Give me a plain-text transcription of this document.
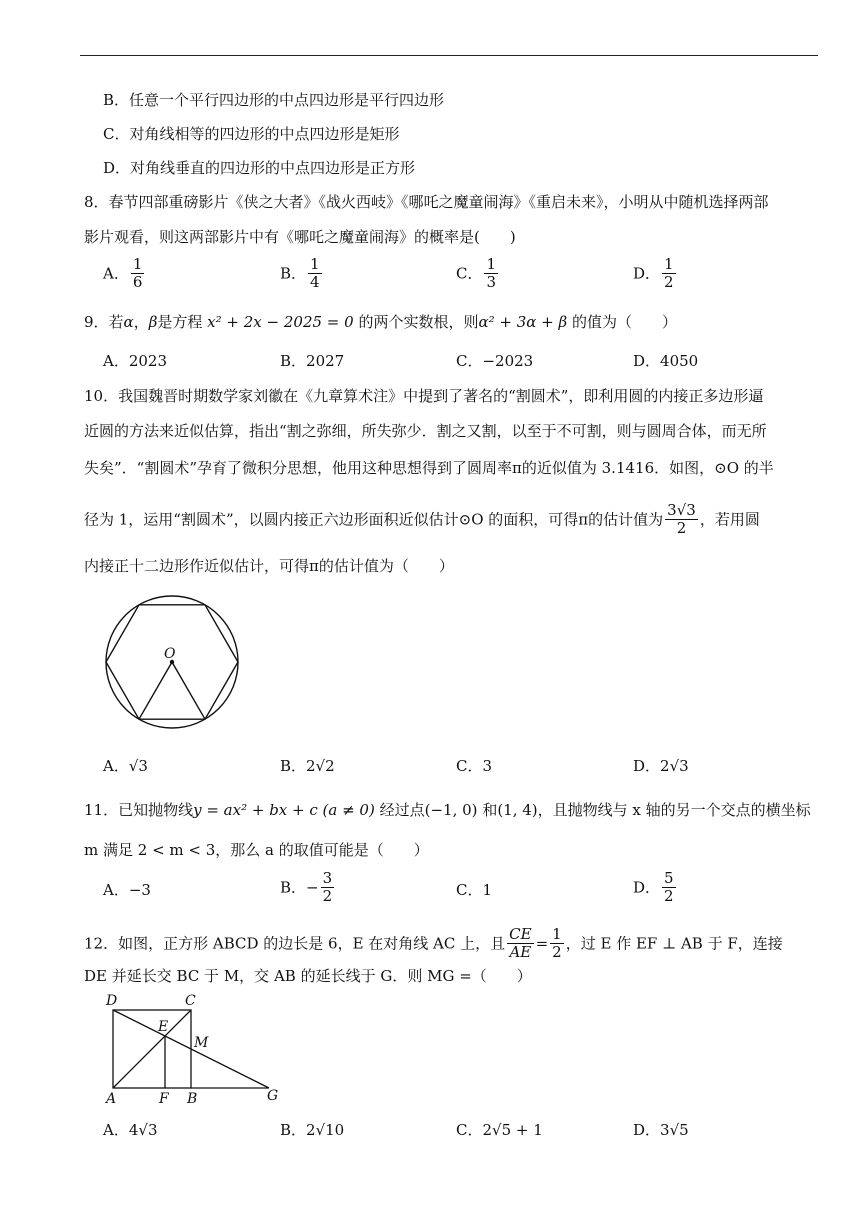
B．任意一个平行四边形的中点四边形是平行四边形
C．对角线相等的四边形的中点四边形是矩形
D．对角线垂直的四边形的中点四边形是正方形
8．春节四部重磅影片《侠之大者》《战火西岐》《哪吒之魔童闹海》《重启未来》，小明从中随机选择两部
影片观看，则这两部影片中有《哪吒之魔童闹海》的概率是(　　)
A． $\frac{1}{6}$	B． $\frac{1}{4}$	C． $\frac{1}{3}$	D． $\frac{1}{2}$
9．若α，β是方程 x² + 2x − 2025 = 0 的两个实数根，则α² + 3α + β 的值为（　　）
A．2023	B．2027	C．−2023	D．4050
10．我国魏晋时期数学家刘徽在《九章算术注》中提到了著名的“割圆术”，即利用圆的内接正多边形逼
近圆的方法来近似估算，指出“割之弥细，所失弥少．割之又割，以至于不可割，则与圆周合体，而无所
失矣”．“割圆术”孕育了微积分思想，他用这种思想得到了圆周率π的近似值为 3.1416．如图，⊙O 的半
径为 1，运用“割圆术”，以圆内接正六边形面积近似估计⊙O 的面积，可得π的估计值为 $\frac{3√3}{2}$ ，若用圆
内接正十二边形作近似估计，可得π的估计值为（　　）
O
A．√3	B．2√2	C．3	D．2√3
11．已知抛物线y = ax² + bx + c (a ≠ 0) 经过点(−1, 0) 和(1, 4)，且抛物线与 x 轴的另一个交点的横坐标
m 满足 2 < m < 3，那么 a 的取值可能是（　　）
A．−3	B．− $\frac{3}{2}$	C．1	D． $\frac{5}{2}$
12．如图，正方形 ABCD 的边长是 6，E 在对角线 AC 上，且 $\frac{CE}{AE} = \frac{1}{2}$ ，过 E 作 EF ⊥ AB 于 F，连接
DE 并延长交 BC 于 M，交 AB 的延长线于 G．则 MG =（　　）
D	C
E
M
A	F B	G
A．4√3	B．2√10	C．2√5 + 1	D．3√5
